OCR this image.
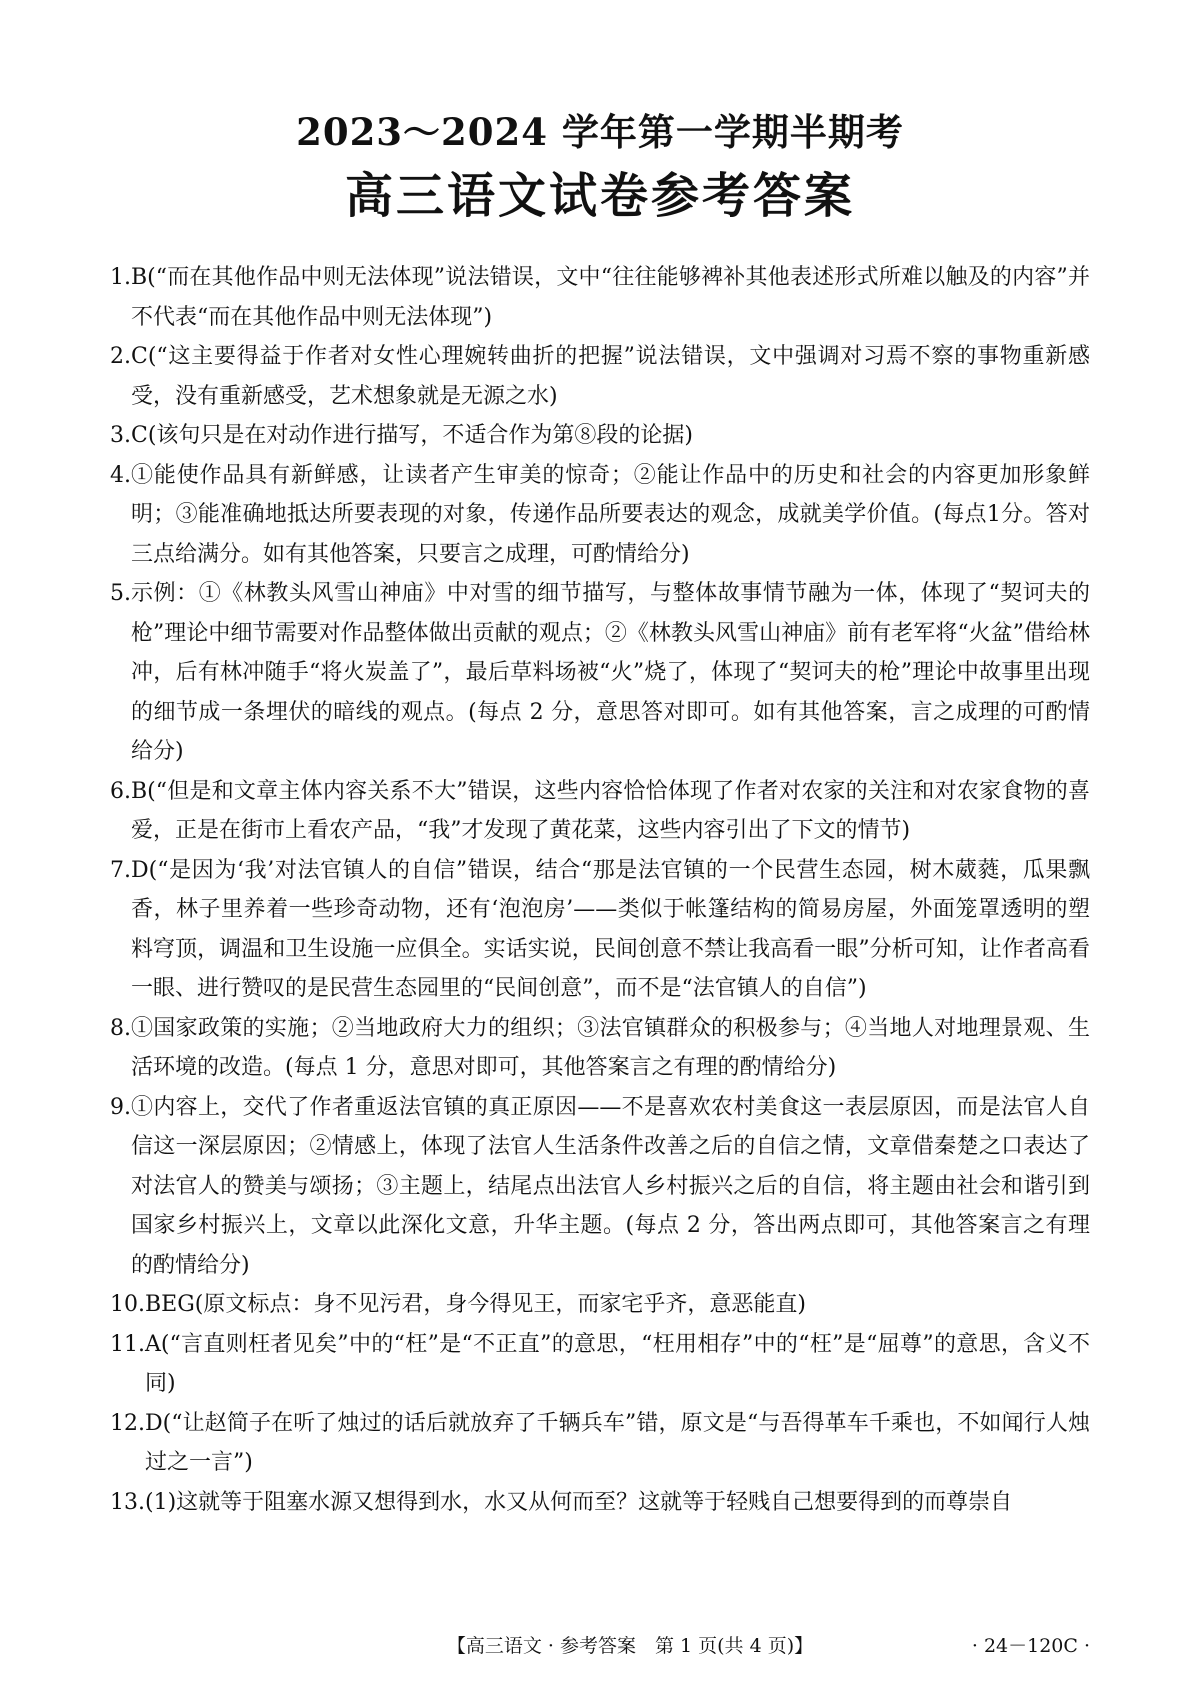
2023～2024 学年第一学期半期考
高三语文试卷参考答案
1. B(“而在其他作品中则无法体现”说法错误，文中“往往能够裨补其他表述形式所难以触及的内容”并不代表“而在其他作品中则无法体现”)
2. C(“这主要得益于作者对女性心理婉转曲折的把握”说法错误，文中强调对习焉不察的事物重新感受，没有重新感受，艺术想象就是无源之水)
3. C(该句只是在对动作进行描写，不适合作为第⑧段的论据)
4. ①能使作品具有新鲜感，让读者产生审美的惊奇；②能让作品中的历史和社会的内容更加形象鲜明；③能准确地抵达所要表现的对象，传递作品所要表达的观念，成就美学价值。(每点1分。答对三点给满分。如有其他答案，只要言之成理，可酌情给分)
5. 示例：①《林教头风雪山神庙》中对雪的细节描写，与整体故事情节融为一体，体现了“契诃夫的枪”理论中细节需要对作品整体做出贡献的观点；②《林教头风雪山神庙》前有老军将“火盆”借给林冲，后有林冲随手“将火炭盖了”，最后草料场被“火”烧了，体现了“契诃夫的枪”理论中故事里出现的细节成一条埋伏的暗线的观点。(每点 2 分，意思答对即可。如有其他答案，言之成理的可酌情给分)
6. B(“但是和文章主体内容关系不大”错误，这些内容恰恰体现了作者对农家的关注和对农家食物的喜爱，正是在街市上看农产品，“我”才发现了黄花菜，这些内容引出了下文的情节)
7. D(“是因为‘我’对法官镇人的自信”错误，结合“那是法官镇的一个民营生态园，树木葳蕤，瓜果飘香，林子里养着一些珍奇动物，还有‘泡泡房’——类似于帐篷结构的简易房屋，外面笼罩透明的塑料穹顶，调温和卫生设施一应俱全。实话实说，民间创意不禁让我高看一眼”分析可知，让作者高看一眼、进行赞叹的是民营生态园里的“民间创意”，而不是“法官镇人的自信”)
8. ①国家政策的实施；②当地政府大力的组织；③法官镇群众的积极参与；④当地人对地理景观、生活环境的改造。(每点 1 分，意思对即可，其他答案言之有理的酌情给分)
9. ①内容上，交代了作者重返法官镇的真正原因——不是喜欢农村美食这一表层原因，而是法官人自信这一深层原因；②情感上，体现了法官人生活条件改善之后的自信之情，文章借秦楚之口表达了对法官人的赞美与颂扬；③主题上，结尾点出法官人乡村振兴之后的自信，将主题由社会和谐引到国家乡村振兴上，文章以此深化文意，升华主题。(每点 2 分，答出两点即可，其他答案言之有理的酌情给分)
10. BEG(原文标点：身不见污君，身今得见王，而家宅乎齐，意恶能直)
11. A(“言直则枉者见矣”中的“枉”是“不正直”的意思，“枉用相存”中的“枉”是“屈尊”的意思，含义不同)
12. D(“让赵简子在听了烛过的话后就放弃了千辆兵车”错，原文是“与吾得革车千乘也，不如闻行人烛过之一言”)
13. (1)这就等于阻塞水源又想得到水，水又从何而至？这就等于轻贱自己想要得到的而尊崇自
【高三语文 · 参考答案　第 1 页(共 4 页)】	· 24－120C ·
